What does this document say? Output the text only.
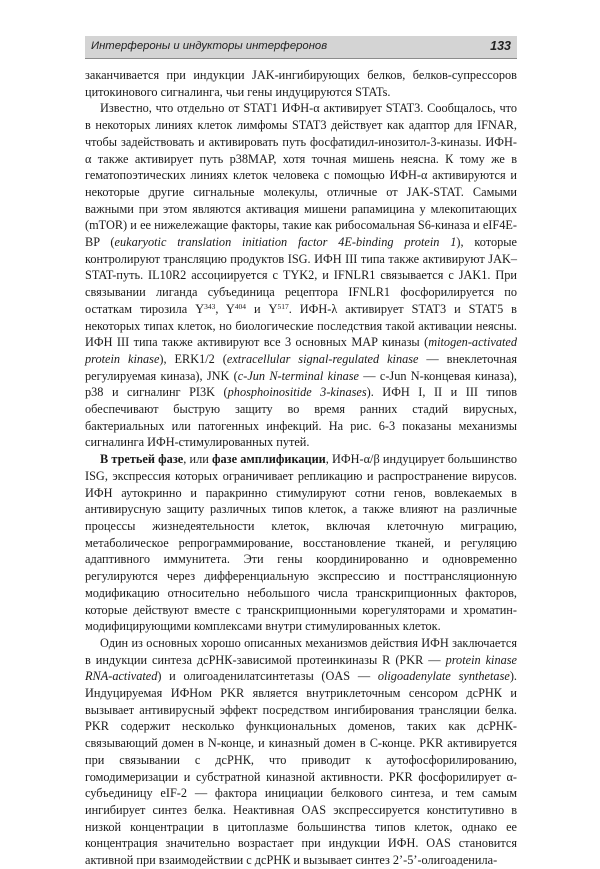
Интерфероны и индукторы интерферонов	133

заканчивается при индукции JAK-ингибирующих белков, белков-супрессоров цитокинового сигналинга, чьи гены индуцируются STATs.

Известно, что отдельно от STAT1 ИФН-α активирует STAT3. Сообщалось, что в некоторых линиях клеток лимфомы STAT3 действует как адаптор для IFNAR, чтобы задействовать и активировать путь фосфатидил-инозитол-3-киназы. ИФН-α также активирует путь p38MAP, хотя точная мишень неясна. К тому же в гематопоэтических линиях клеток человека с помощью ИФН-α активируются и некоторые другие сигнальные молекулы, отличные от JAK-STAT. Самыми важными при этом являются активация мишени рапамицина у млекопитающих (mTOR) и ее нижележащие факторы, такие как рибосомальная S6-киназа и eIF4E-BP (eukaryotic translation initiation factor 4E-binding protein 1), которые контролируют трансляцию продуктов ISG. ИФН III типа также активируют JAK–STAT-путь. IL10R2 ассоциируется с TYK2, и IFNLR1 связывается с JAK1. При связывании лиганда субъединица рецептора IFNLR1 фосфорилируется по остаткам тирозила $Y^{343}$, $Y^{404}$ и $Y^{517}$. ИФН-λ активирует STAT3 и STAT5 в некоторых типах клеток, но биологические последствия такой активации неясны. ИФН III типа также активируют все 3 основных MAP киназы (mitogen-activated protein kinase), ERK1/2 (extracellular signal-regulated kinase — внеклеточная регулируемая киназа), JNK (c-Jun N-terminal kinase — c-Jun N-концевая киназа), p38 и сигналинг PI3K (phosphoinositide 3-kinases). ИФН I, II и III типов обеспечивают быструю защиту во время ранних стадий вирусных, бактериальных или патогенных инфекций. На рис. 6-3 показаны механизмы сигналинга ИФН-стимулированных путей.

В третьей фазе, или фазе амплификации, ИФН-α/β индуцирует большинство ISG, экспрессия которых ограничивает репликацию и распространение вирусов. ИФН аутокринно и паракринно стимулируют сотни генов, вовлекаемых в антивирусную защиту различных типов клеток, а также влияют на различные процессы жизнедеятельности клеток, включая клеточную миграцию, метаболическое репрограммирование, восстановление тканей, и регуляцию адаптивного иммунитета. Эти гены координированно и одновременно регулируются через дифференциальную экспрессию и посттрансляционную модификацию относительно небольшого числа транскрипционных факторов, которые действуют вместе с транскрипционными корегуляторами и хроматин-модифицирующими комплексами внутри стимулированных клеток.

Один из основных хорошо описанных механизмов действия ИФН заключается в индукции синтеза дсРНК-зависимой протеинкиназы R (PKR — protein kinase RNA-activated) и олигоаденилатсинтетазы (OAS — oligoadenylate synthetase). Индуцируемая ИФНом PKR является внутриклеточным сенсором дсРНК и вызывает антивирусный эффект посредством ингибирования трансляции белка. PKR содержит несколько функциональных доменов, таких как дсРНК-связывающий домен в N-конце, и киназный домен в C-конце. PKR активируется при связывании с дсРНК, что приводит к аутофосфорилированию, гомодимеризации и субстратной киназной активности. PKR фосфорилирует α-субъединицу eIF-2 — фактора инициации белкового синтеза, и тем самым ингибирует синтез белка. Неактивная OAS экспрессируется конститутивно в низкой концентрации в цитоплазме большинства типов клеток, однако ее концентрация значительно возрастает при индукции ИФН. OAS становится активной при взаимодействии с дсРНК и вызывает синтез 2’-5’-олигоаденила-
